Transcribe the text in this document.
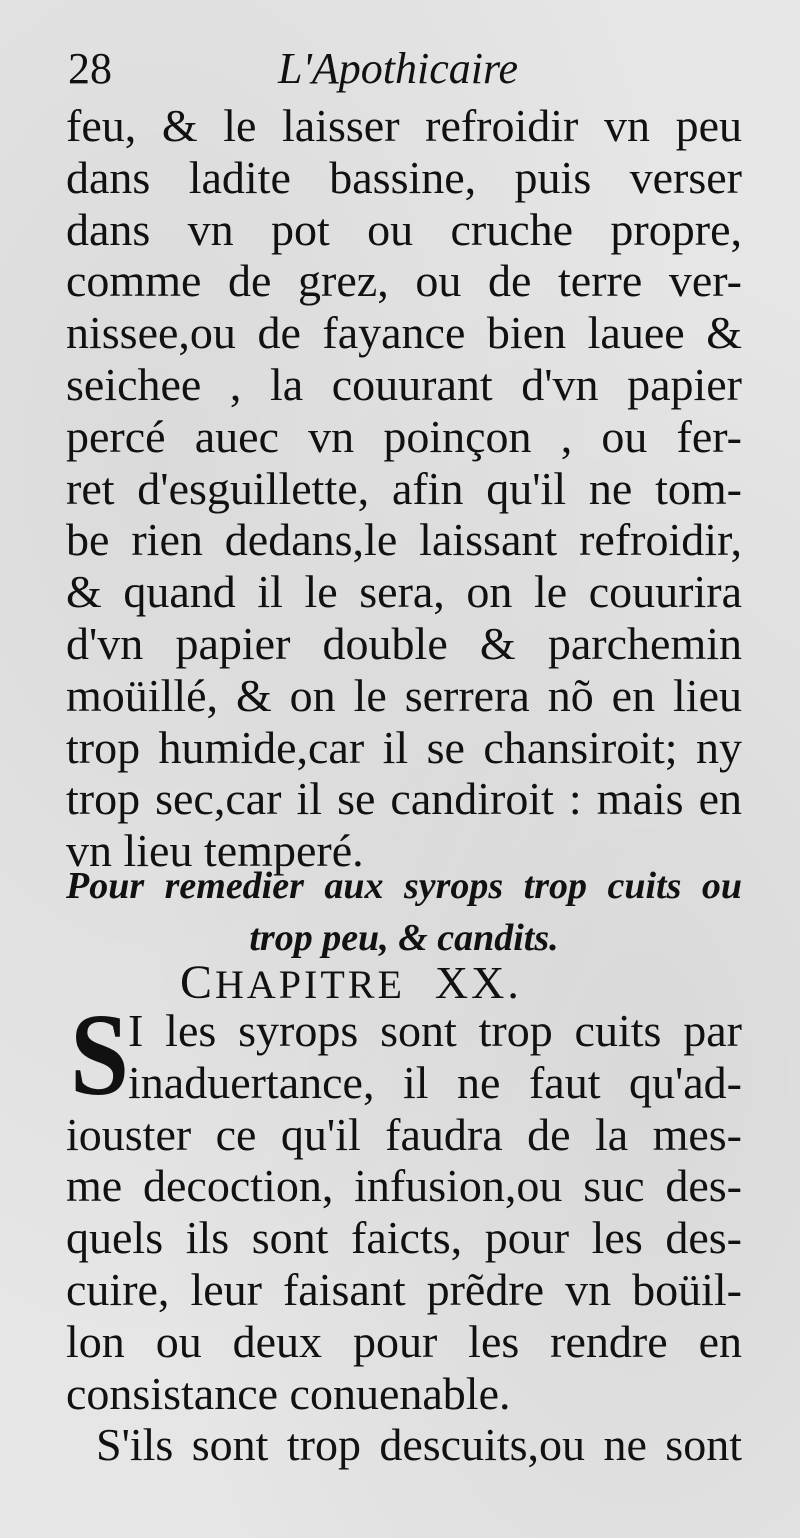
28	L'Apothicaire
feu, & le laisser refroidir vn peu
dans ladite bassine, puis verser
dans vn pot ou cruche propre,
comme de grez, ou de terre ver-
nissee,ou de fayance bien lauee &
seichee , la couurant d'vn papier
percé auec vn poinçon , ou fer-
ret d'esguillette, afin qu'il ne tom-
be rien dedans,le laissant refroidir,
& quand il le sera, on le couurira
d'vn papier double & parchemin
moüillé, & on le serrera nõ en lieu
trop humide,car il se chansiroit; ny
trop sec,car il se candiroit : mais en
vn lieu temperé.
Pour remedier aux syrops trop cuits ou
trop peu, & candits.
CHAPITRE XX.
S
I les syrops sont trop cuits par
inaduertance, il ne faut qu'ad-
iouster ce qu'il faudra de la mes-
me decoction, infusion,ou suc des-
quels ils sont faicts, pour les des-
cuire, leur faisant prẽdre vn boüil-
lon ou deux pour les rendre en
consistance conuenable.
S'ils sont trop descuits,ou ne sont
